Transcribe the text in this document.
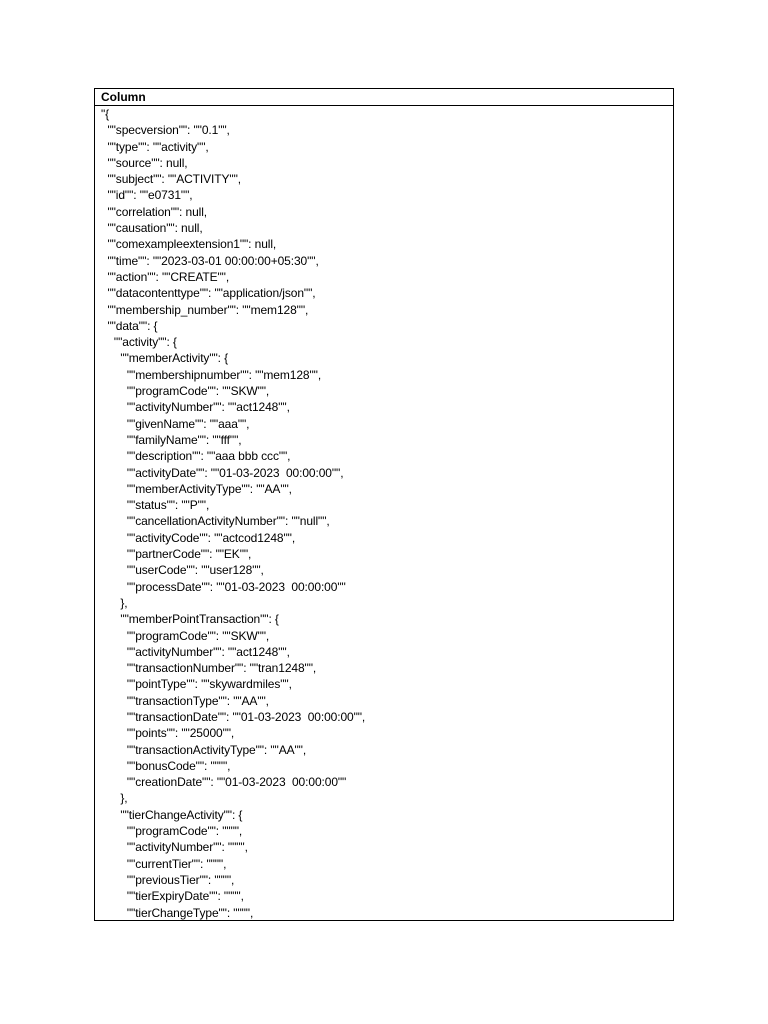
Column
"{
""specversion"": ""0.1"",
""type"": ""activity"",
""source"": null,
""subject"": ""ACTIVITY"",
""id"": ""e0731"",
""correlation"": null,
""causation"": null,
""comexampleextension1"": null,
""time"": ""2023-03-01 00:00:00+05:30"",
""action"": ""CREATE"",
""datacontenttype"": ""application/json"",
""membership_number"": ""mem128"",
""data"": {
""activity"": {
""memberActivity"": {
""membershipnumber"": ""mem128"",
""programCode"": ""SKW"",
""activityNumber"": ""act1248"",
""givenName"": ""aaa"",
""familyName"": ""fff"",
""description"": ""aaa bbb ccc"",
""activityDate"": ""01-03-2023  00:00:00"",
""memberActivityType"": ""AA"",
""status"": ""P"",
""cancellationActivityNumber"": ""null"",
""activityCode"": ""actcod1248"",
""partnerCode"": ""EK"",
""userCode"": ""user128"",
""processDate"": ""01-03-2023  00:00:00""
},
""memberPointTransaction"": {
""programCode"": ""SKW"",
""activityNumber"": ""act1248"",
""transactionNumber"": ""tran1248"",
""pointType"": ""skywardmiles"",
""transactionType"": ""AA"",
""transactionDate"": ""01-03-2023  00:00:00"",
""points"": ""25000"",
""transactionActivityType"": ""AA"",
""bonusCode"": """",
""creationDate"": ""01-03-2023  00:00:00""
},
""tierChangeActivity"": {
""programCode"": """",
""activityNumber"": """",
""currentTier"": """",
""previousTier"": """",
""tierExpiryDate"": """",
""tierChangeType"": """",
